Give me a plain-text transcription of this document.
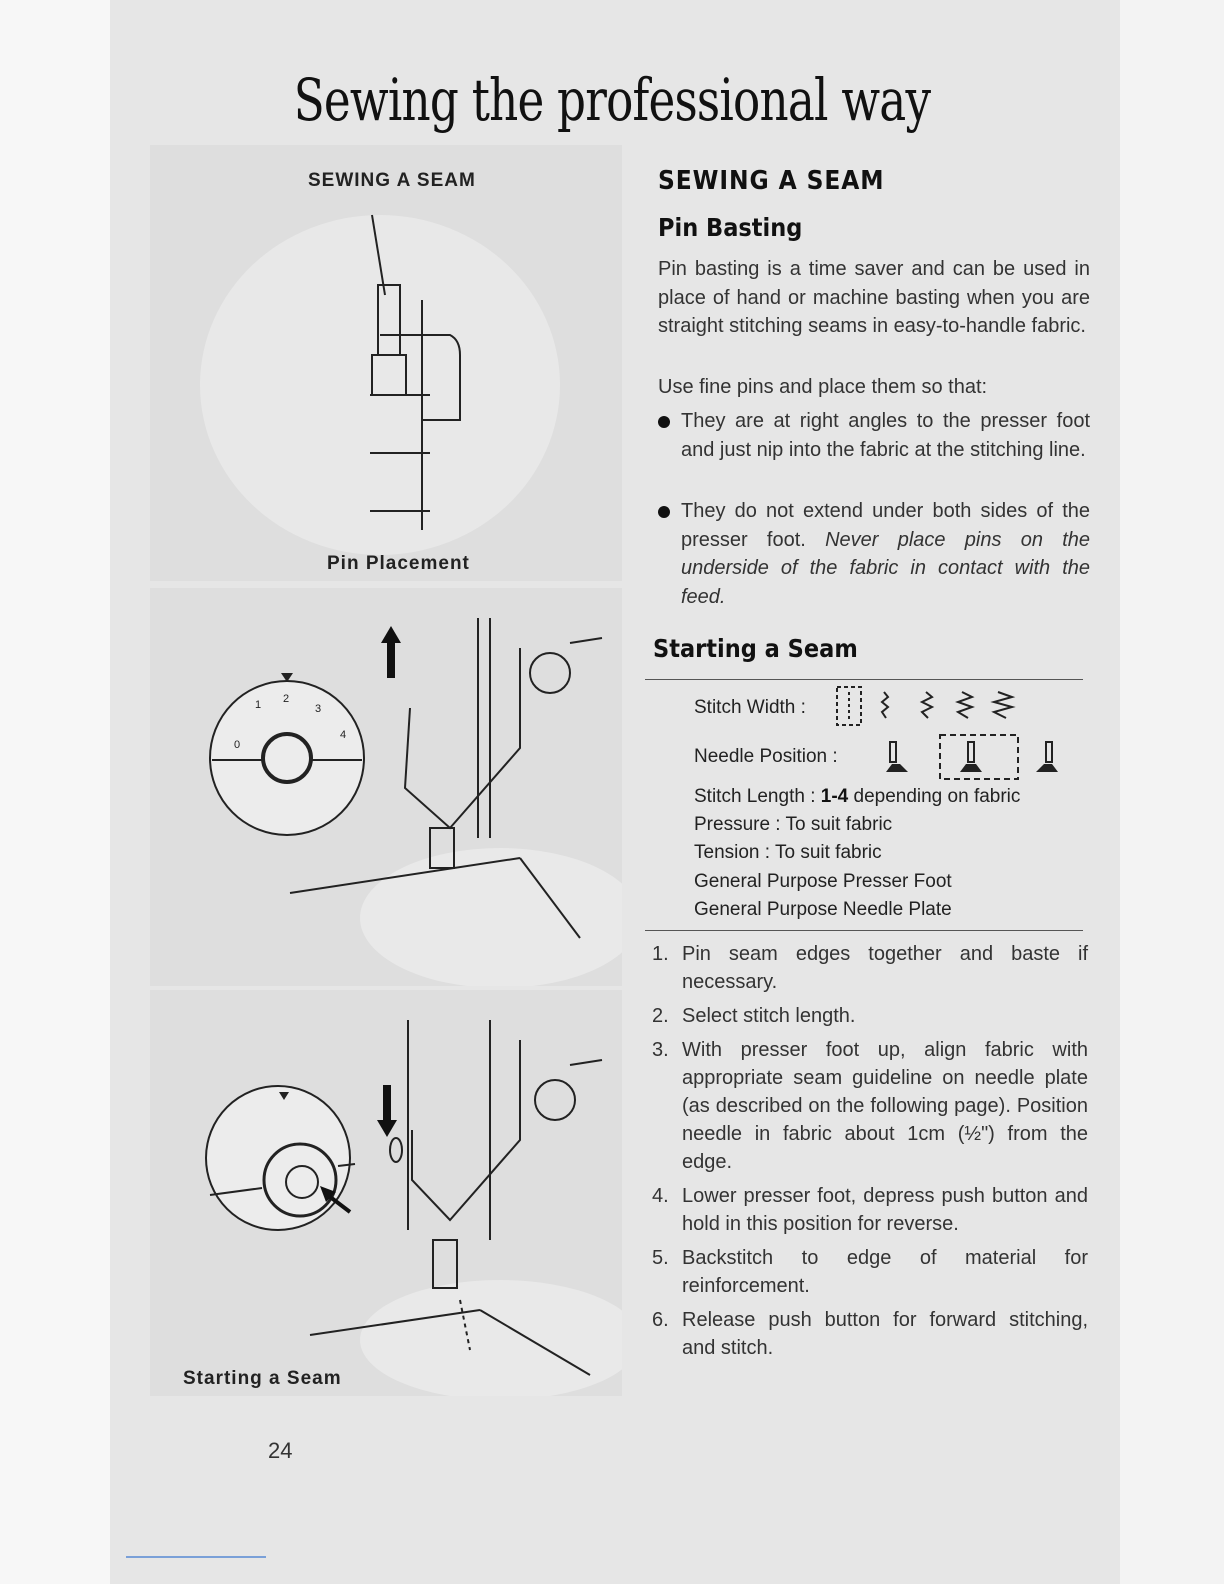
Sewing the professional way
SEWING A SEAM
Pin Placement
0
1 2
3
4
Starting a Seam
SEWING A SEAM
Pin Basting

Pin basting is a time saver and can be used in place of hand or machine basting when you are straight stitching seams in easy-to-handle fabric.

Use fine pins and place them so that:

They are at right angles to the presser foot and just nip into the fabric at the stitching line.
They do not extend under both sides of the presser foot. Never place pins on the underside of the fabric in contact with the feed.
Starting a Seam
Stitch Width :
Needle Position :
Stitch Length : 1-4 depending on fabric
Pressure : To suit fabric
Tension : To suit fabric
General Purpose Presser Foot
General Purpose Needle Plate
1. Pin seam edges together and baste if necessary.
2. Select stitch length.
3. With presser foot up, align fabric with appropriate seam guideline on needle plate (as described on the following page). Position needle in fabric about 1cm (½") from the edge.
4. Lower presser foot, depress push button and hold in this position for reverse.
5. Backstitch to edge of material for reinforcement.
6. Release push button for forward stitching, and stitch.
24
